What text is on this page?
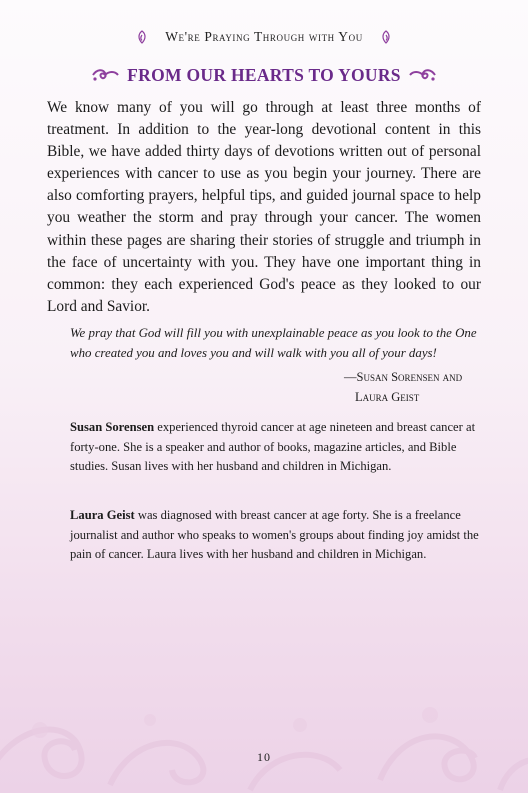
We're Praying Through with You
FROM OUR HEARTS TO YOURS

We know many of you will go through at least three months of treatment. In addition to the year-long devotional content in this Bible, we have added thirty days of devotions written out of personal experiences with cancer to use as you begin your journey. There are also comforting prayers, helpful tips, and guided journal space to help you weather the storm and pray through your cancer. The women within these pages are sharing their stories of struggle and triumph in the face of uncertainty with you. They have one important thing in common: they each experienced God's peace as they looked to our Lord and Savior.

We pray that God will fill you with unexplainable peace as you look to the One who created you and loves you and will walk with you all of your days!

—Susan Sorensen and
Laura Geist

Susan Sorensen experienced thyroid cancer at age nineteen and breast cancer at forty-one. She is a speaker and author of books, magazine articles, and Bible studies. Susan lives with her husband and children in Michigan.

Laura Geist was diagnosed with breast cancer at age forty. She is a freelance journalist and author who speaks to women's groups about finding joy amidst the pain of cancer. Laura lives with her husband and children in Michigan.

10
